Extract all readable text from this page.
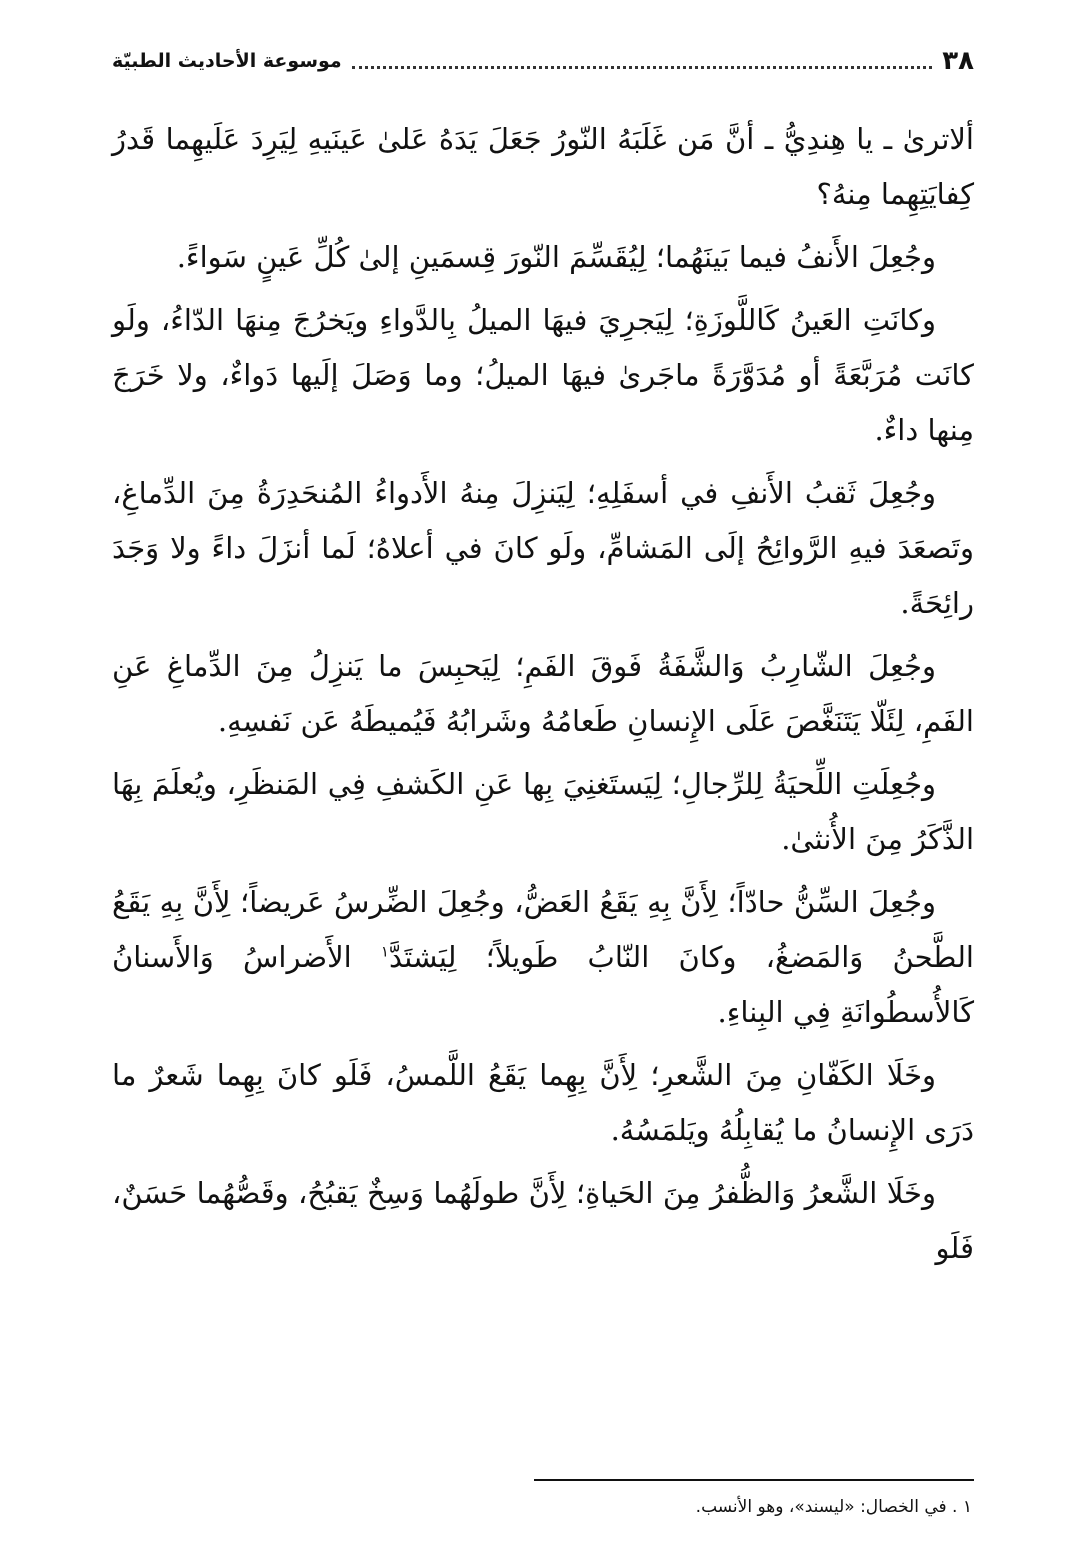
٣٨
موسوعة الأحاديث الطبيّة

ألاترىٰ ـ يا هِندِيُّ ـ أنَّ مَن غَلَبَهُ النّورُ جَعَلَ يَدَهُ عَلىٰ عَينَيهِ لِيَرِدَ عَلَيهِما قَدرُ كِفايَتِهِما مِنهُ؟

وجُعِلَ الأَنفُ فيما بَينَهُما؛ لِيُقَسِّمَ النّورَ قِسمَينِ إلىٰ كُلِّ عَينٍ سَواءً.

وكانَتِ العَينُ كَاللَّوزَةِ؛ لِيَجرِيَ فيهَا الميلُ بِالدَّواءِ ويَخرُجَ مِنهَا الدّاءُ، ولَو كانَت مُرَبَّعَةً أو مُدَوَّرَةً ماجَرىٰ فيهَا الميلُ؛ وما وَصَلَ إلَيها دَواءٌ، ولا خَرَجَ مِنها داءٌ.

وجُعِلَ ثَقبُ الأَنفِ في أسفَلِهِ؛ لِيَنزِلَ مِنهُ الأَدواءُ المُنحَدِرَةُ مِنَ الدِّماغِ، وتَصعَدَ فيهِ الرَّوائِحُ إلَى المَشامِّ، ولَو كانَ في أعلاهُ؛ لَما أنزَلَ داءً ولا وَجَدَ رائِحَةً.

وجُعِلَ الشّارِبُ وَالشَّفَةُ فَوقَ الفَمِ؛ لِيَحبِسَ ما يَنزِلُ مِنَ الدِّماغِ عَنِ الفَمِ، لِئَلّا يَتَنَغَّصَ عَلَى الإِنسانِ طَعامُهُ وشَرابُهُ فَيُميطَهُ عَن نَفسِهِ.

وجُعِلَتِ اللِّحيَةُ لِلرِّجالِ؛ لِيَستَغنِيَ بِها عَنِ الكَشفِ فِي المَنظَرِ، ويُعلَمَ بِهَا الذَّكَرُ مِنَ الأُنثىٰ.

وجُعِلَ السِّنُّ حادّاً؛ لِأَنَّ بِهِ يَقَعُ العَضُّ، وجُعِلَ الضِّرسُ عَريضاً؛ لِأَنَّ بِهِ يَقَعُ الطَّحنُ وَالمَضغُ، وكانَ النّابُ طَويلاً؛ لِيَشتَدَّ$^١$ الأَضراسُ وَالأَسنانُ كَالأُسطُوانَةِ فِي البِناءِ.

وخَلَا الكَفّانِ مِنَ الشَّعرِ؛ لِأَنَّ بِهِما يَقَعُ اللَّمسُ، فَلَو كانَ بِهِما شَعرٌ ما دَرَى الإِنسانُ ما يُقابِلُهُ ويَلمَسُهُ.

وخَلَا الشَّعرُ وَالظُّفرُ مِنَ الحَياةِ؛ لِأَنَّ طولَهُما وَسِخٌ يَقبُحُ، وقَصُّهُما حَسَنٌ، فَلَو

١ . في الخصال: «ليسند»، وهو الأنسب.
